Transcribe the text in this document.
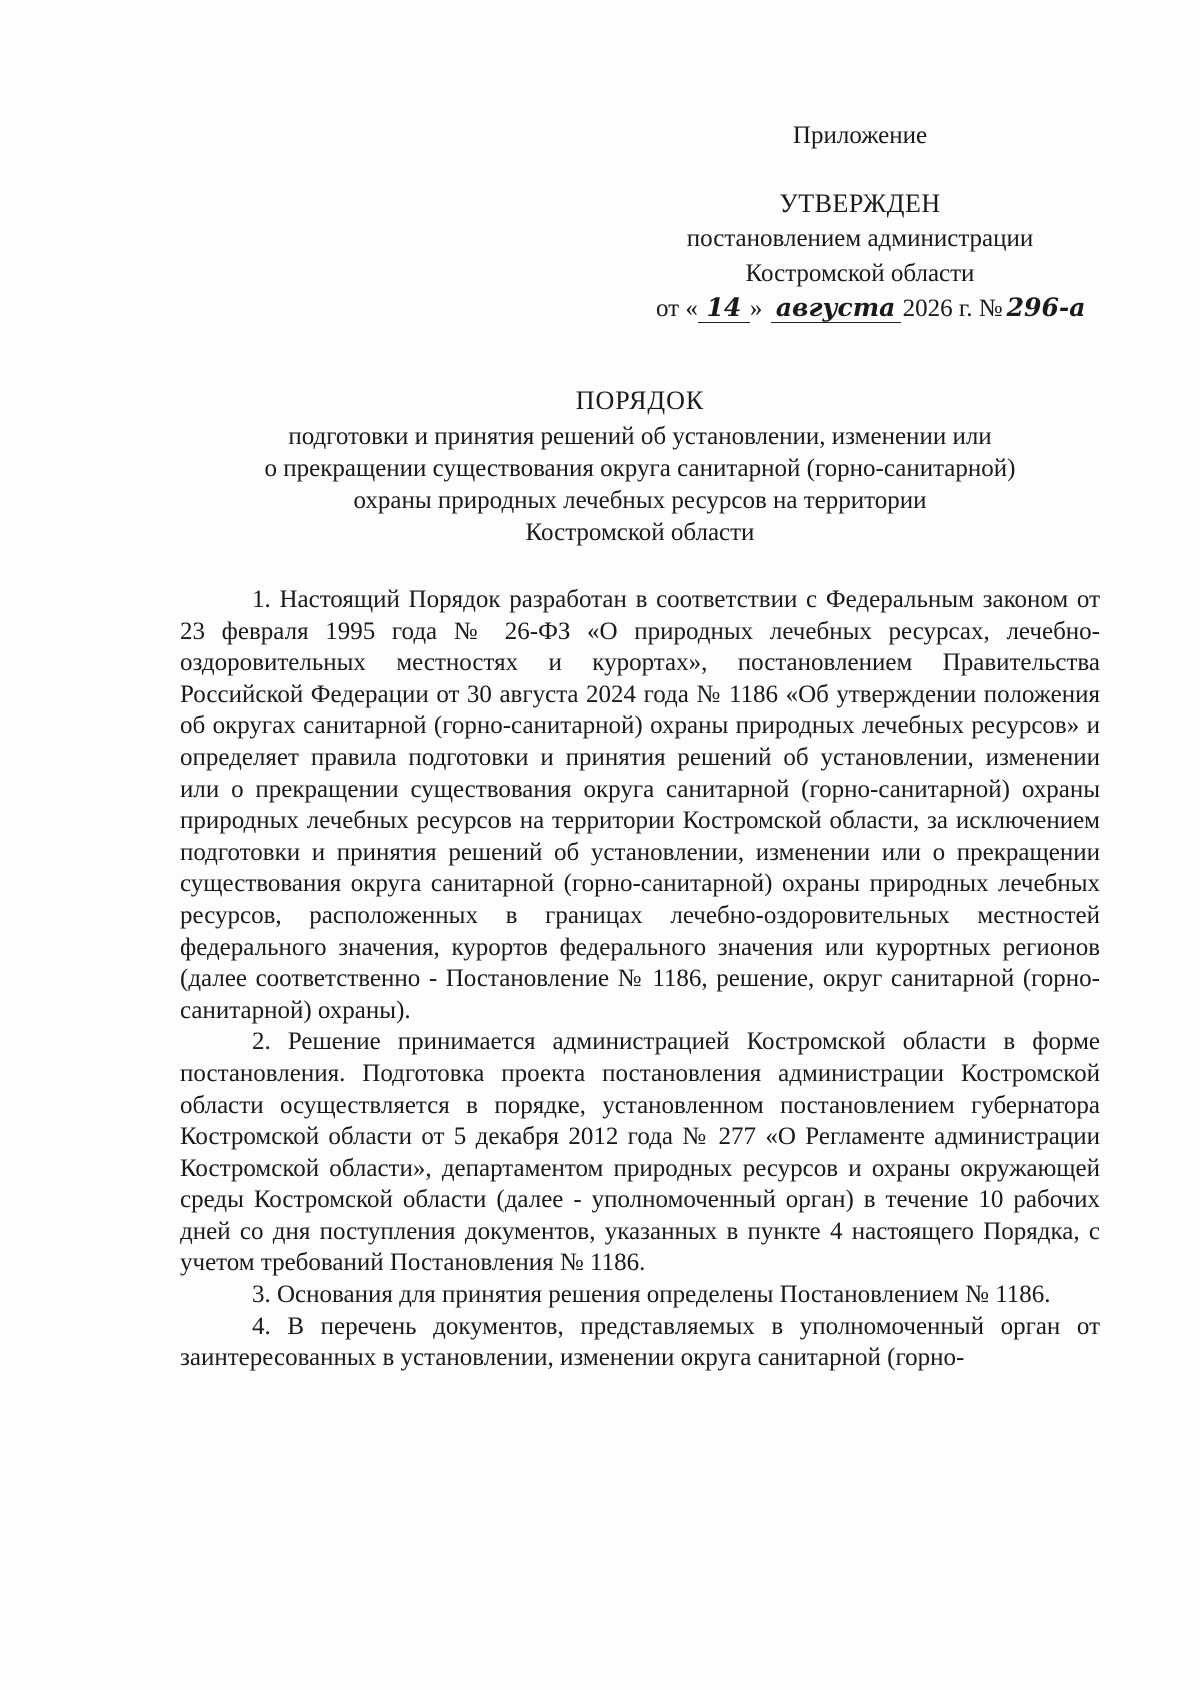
Приложение
УТВЕРЖДЕН
постановлением администрации
Костромской области
от « 14 » августа 2026 г. № 296-а
ПОРЯДОК
подготовки и принятия решений об установлении, изменении или
о прекращении существования округа санитарной (горно-санитарной)
охраны природных лечебных ресурсов на территории
Костромской области

1. Настоящий Порядок разработан в соответствии с Федеральным законом от 23 февраля 1995 года № 26-ФЗ «О природных лечебных ресурсах, лечебно-оздоровительных местностях и курортах», постановлением Правительства Российской Федерации от 30 августа 2024 года № 1186 «Об утверждении положения об округах санитарной (горно-санитарной) охраны природных лечебных ресурсов» и определяет правила подготовки и принятия решений об установлении, изменении или о прекращении существования округа санитарной (горно-санитарной) охраны природных лечебных ресурсов на территории Костромской области, за исключением подготовки и принятия решений об установлении, изменении или о прекращении существования округа санитарной (горно-санитарной) охраны природных лечебных ресурсов, расположенных в границах лечебно-оздоровительных местностей федерального значения, курортов федерального значения или курортных регионов (далее соответственно - Постановление № 1186, решение, округ санитарной (горно-санитарной) охраны).

2. Решение принимается администрацией Костромской области в форме постановления. Подготовка проекта постановления администрации Костромской области осуществляется в порядке, установленном постановлением губернатора Костромской области от 5 декабря 2012 года № 277 «О Регламенте администрации Костромской области», департаментом природных ресурсов и охраны окружающей среды Костромской области (далее - уполномоченный орган) в течение 10 рабочих дней со дня поступления документов, указанных в пункте 4 настоящего Порядка, с учетом требований Постановления № 1186.

3. Основания для принятия решения определены Постановлением № 1186.

4. В перечень документов, представляемых в уполномоченный орган от заинтересованных в установлении, изменении округа санитарной (горно-
